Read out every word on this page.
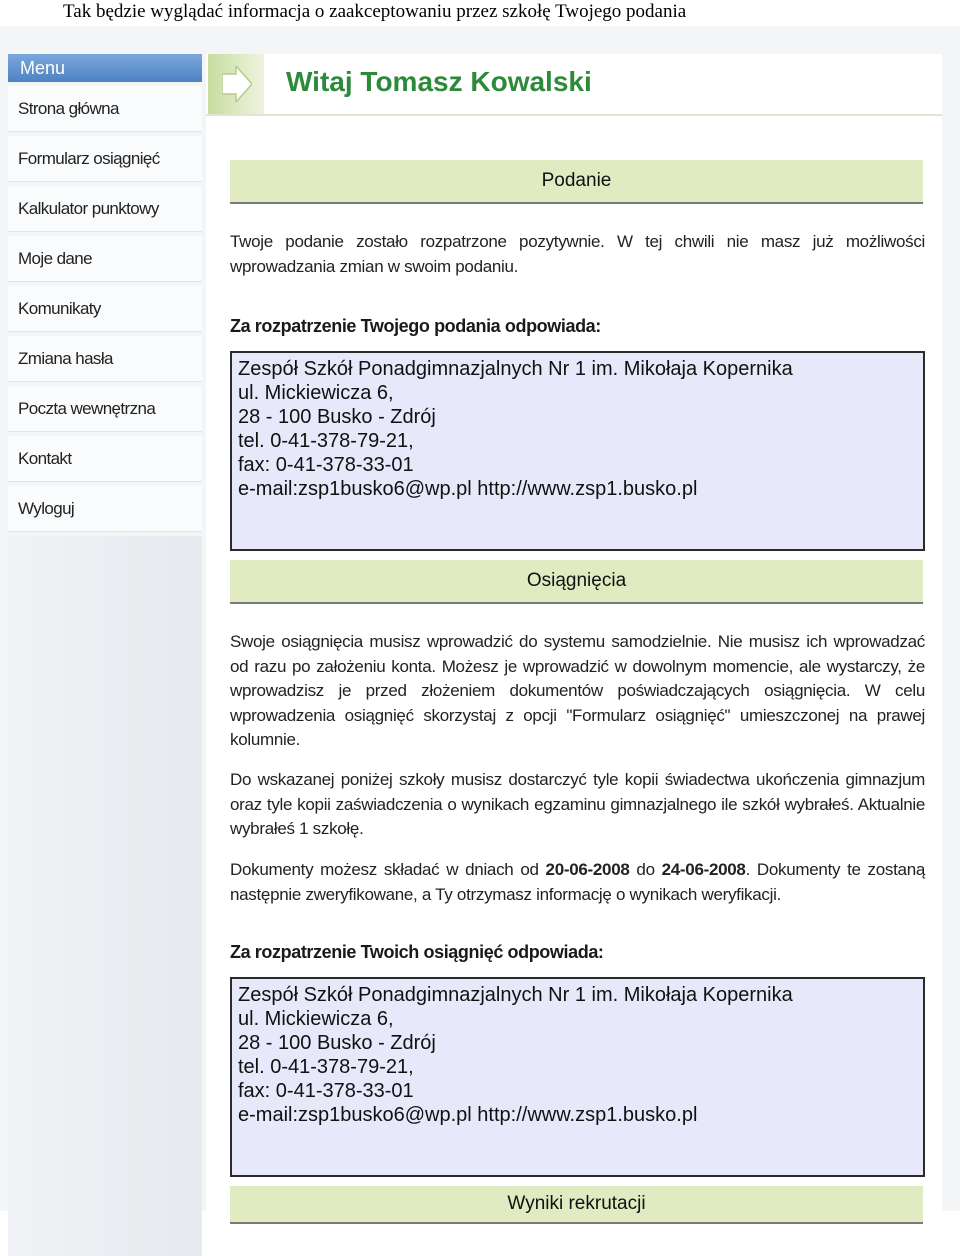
Tak będzie wyglądać informacja o zaakceptowaniu przez szkołę Twojego podania
Menu
Strona główna
Formularz osiągnięć
Kalkulator punktowy
Moje dane
Komunikaty
Zmiana hasła
Poczta wewnętrzna
Kontakt
Wyloguj
Witaj Tomasz Kowalski
Podanie
Twoje podanie zostało rozpatrzone pozytywnie. W tej chwili nie masz już możliwości wprowadzania zmian w swoim podaniu.
Za rozpatrzenie Twojego podania odpowiada:
Zespół Szkół Ponadgimnazjalnych Nr 1 im. Mikołaja Kopernika
ul. Mickiewicza 6,
28 - 100 Busko - Zdrój
tel. 0-41-378-79-21,
fax: 0-41-378-33-01
e-mail:zsp1busko6@wp.pl http://www.zsp1.busko.pl
Osiągnięcia
Swoje osiągnięcia musisz wprowadzić do systemu samodzielnie. Nie musisz ich wprowadzać od razu po założeniu konta. Możesz je wprowadzić w dowolnym momencie, ale wystarczy, że wprowadzisz je przed złożeniem dokumentów poświadczających osiągnięcia. W celu wprowadzenia osiągnięć skorzystaj z opcji "Formularz osiągnięć" umieszczonej na prawej kolumnie.
Do wskazanej poniżej szkoły musisz dostarczyć tyle kopii świadectwa ukończenia gimnazjum oraz tyle kopii zaświadczenia o wynikach egzaminu gimnazjalnego ile szkół wybrałeś. Aktualnie wybrałeś 1 szkołę.
Dokumenty możesz składać w dniach od 20-06-2008 do 24-06-2008. Dokumenty te zostaną następnie zweryfikowane, a Ty otrzymasz informację o wynikach weryfikacji.
Za rozpatrzenie Twoich osiągnięć odpowiada:
Zespół Szkół Ponadgimnazjalnych Nr 1 im. Mikołaja Kopernika
ul. Mickiewicza 6,
28 - 100 Busko - Zdrój
tel. 0-41-378-79-21,
fax: 0-41-378-33-01
e-mail:zsp1busko6@wp.pl http://www.zsp1.busko.pl
Wyniki rekrutacji
